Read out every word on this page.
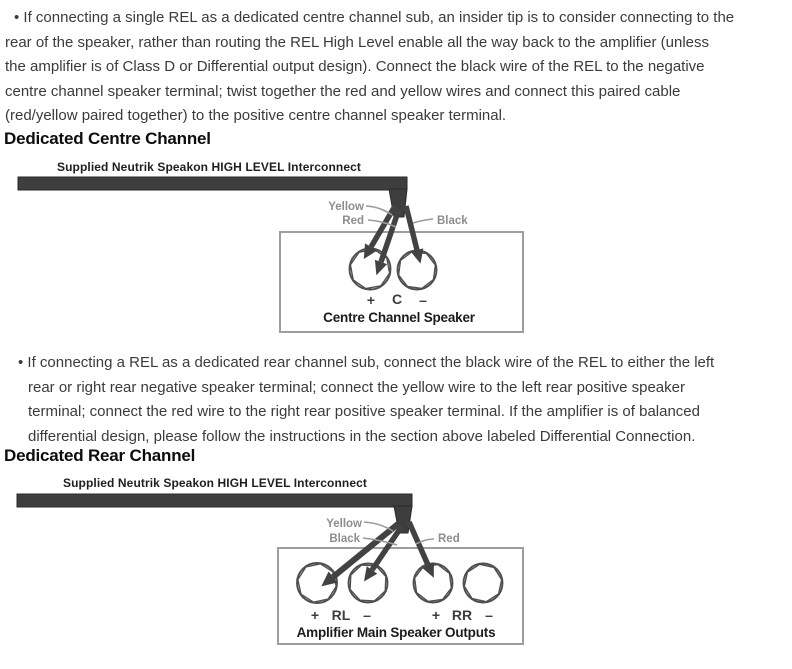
• If connecting a single REL as a dedicated centre channel sub, an insider tip is to consider connecting to the
rear of the speaker, rather than routing the REL High Level enable all the way back to the amplifier (unless
the amplifier is of Class D or Differential output design). Connect the black wire of the REL to the negative
centre channel speaker terminal; twist together the red and yellow wires and connect this paired cable
(red/yellow paired together) to the positive centre channel speaker terminal.
Dedicated Centre Channel
Supplied Neutrik Speakon HIGH LEVEL Interconnect
Yellow
Red	Black
+ C –
Centre Channel Speaker
• If connecting a REL as a dedicated rear channel sub, connect the black wire of the REL to either the left
rear or right rear negative speaker terminal; connect the yellow wire to the left rear positive speaker
terminal; connect the red wire to the right rear positive speaker terminal. If the amplifier is of balanced
differential design, please follow the instructions in the section above labeled Differential Connection.
Dedicated Rear Channel
Supplied Neutrik Speakon HIGH LEVEL Interconnect
Yellow
Black	Red
+ RL –	+ RR –
Amplifier Main Speaker Outputs
